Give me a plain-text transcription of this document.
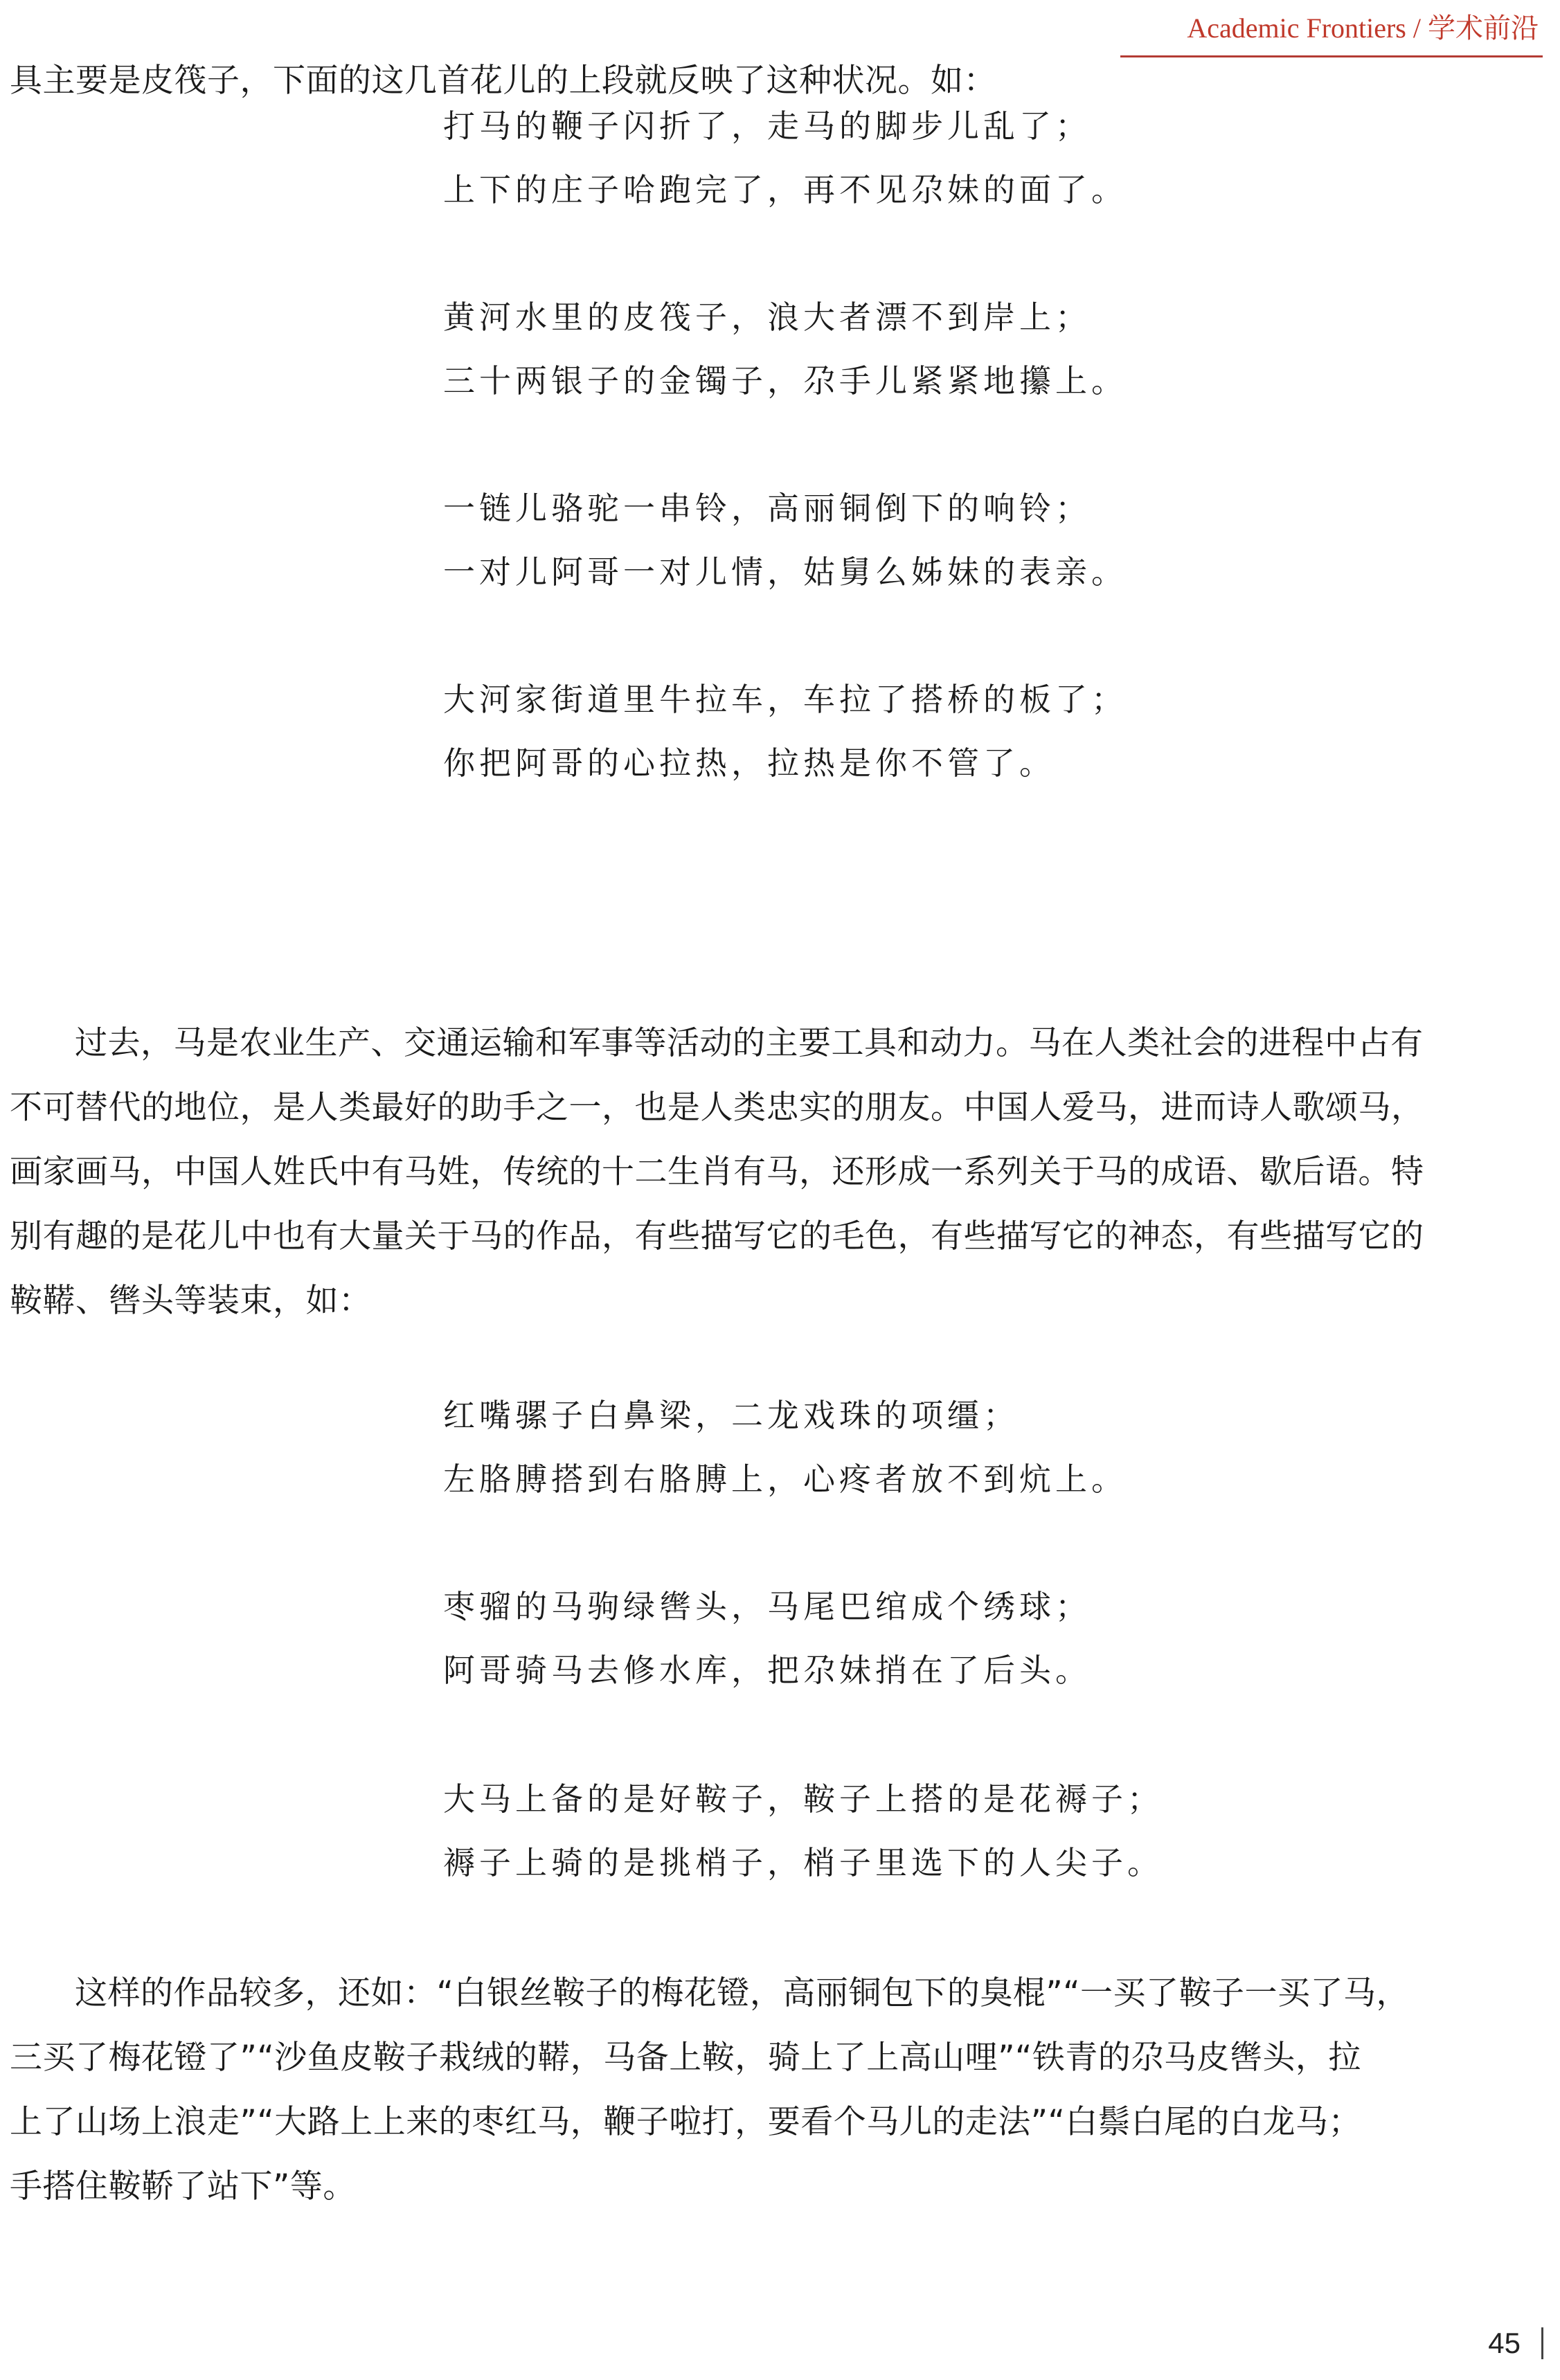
Academic Frontiers / 学术前沿

具主要是皮筏子，下面的这几首花儿的上段就反映了这种状况。如：

打马的鞭子闪折了，走马的脚步儿乱了；
上下的庄子哈跑完了，再不见尕妹的面了。
黄河水里的皮筏子，浪大者漂不到岸上；
三十两银子的金镯子，尕手儿紧紧地攥上。
一链儿骆驼一串铃，高丽铜倒下的响铃；
一对儿阿哥一对儿情，姑舅么姊妹的表亲。
大河家街道里牛拉车，车拉了搭桥的板了；
你把阿哥的心拉热，拉热是你不管了。

过去，马是农业生产、交通运输和军事等活动的主要工具和动力。马在人类社会的进程中占有
不可替代的地位，是人类最好的助手之一，也是人类忠实的朋友。中国人爱马，进而诗人歌颂马，
画家画马，中国人姓氏中有马姓，传统的十二生肖有马，还形成一系列关于马的成语、歇后语。特
别有趣的是花儿中也有大量关于马的作品，有些描写它的毛色，有些描写它的神态，有些描写它的
鞍鞯、辔头等装束，如：

红嘴骡子白鼻梁，二龙戏珠的项缰；
左胳膊搭到右胳膊上，心疼者放不到炕上。
枣骝的马驹绿辔头，马尾巴绾成个绣球；
阿哥骑马去修水库，把尕妹捎在了后头。
大马上备的是好鞍子，鞍子上搭的是花褥子；
褥子上骑的是挑梢子，梢子里选下的人尖子。

这样的作品较多，还如：“白银丝鞍子的梅花镫，高丽铜包下的臭棍”“一买了鞍子一买了马，
三买了梅花镫了”“沙鱼皮鞍子栽绒的鞯，马备上鞍，骑上了上高山哩”“铁青的尕马皮辔头，拉
上了山场上浪走”“大路上上来的枣红马，鞭子啦打，要看个马儿的走法”“白鬃白尾的白龙马；
手搭住鞍鞒了站下”等。

45
